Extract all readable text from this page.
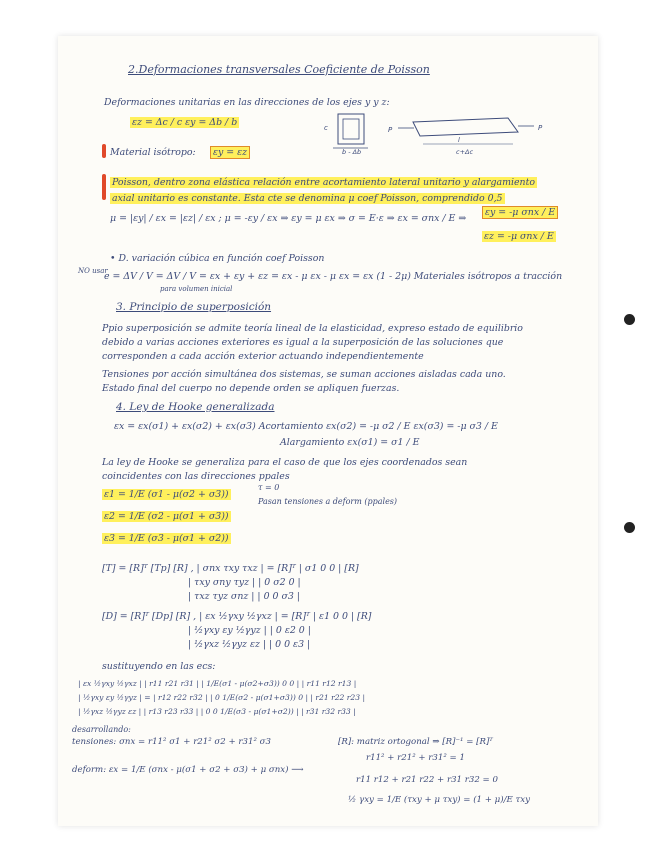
2.Deformaciones transversales Coeficiente de Poisson
Deformaciones unitarias en las direcciones de los ejes y y z:
εz = Δc / c εy = Δb / b	c
b - Δb
P	P
l
c+Δc
Material isótropo:	εy = εz
Poisson, dentro zona elástica relación entre acortamiento lateral unitario y alargamiento
axial unitario es constante. Esta cte se denomina μ coef Poisson, comprendido 0,5
μ = |εy| / εx = |εz| / εx ; μ = -εy / εx ⇒ εy = μ εx ⇒ σ = E·ε ⇒ εx = σnx / E ⇒
εy = -μ σnx / E
εz = -μ σnx / E
• D. variación cúbica en función coef Poisson
NO usar
e = ΔV / V = ΔV / V = εx + εy + εz = εx - μ εx - μ εx = εx (1 - 2μ) Materiales isótropos a tracción
para volumen inicial
3. Principio de superposición
Ppio superposición se admite teoría lineal de la elasticidad, expreso estado de equilibrio
debido a varias acciones exteriores es igual a la superposición de las soluciones que
corresponden a cada acción exterior actuando independientemente
Tensiones por acción simultánea dos sistemas, se suman acciones aisladas cada uno.
Estado final del cuerpo no depende orden se apliquen fuerzas.
4. Ley de Hooke generalizada
εx = εx(σ1) + εx(σ2) + εx(σ3) Acortamiento εx(σ2) = -μ σ2 / E εx(σ3) = -μ σ3 / E
Alargamiento εx(σ1) = σ1 / E
La ley de Hooke se generaliza para el caso de que los ejes coordenados sean
coincidentes con las direcciones ppales
ε1 = 1/E (σ1 - μ(σ2 + σ3))
τ = 0
Pasan tensiones a deform (ppales)
ε2 = 1/E (σ2 - μ(σ1 + σ3))
ε3 = 1/E (σ3 - μ(σ1 + σ2))
[T] = [R]ᵀ [Tp] [R] , | σnx τxy τxz | = [R]ᵀ | σ1 0 0 | [R]
| τxy σny τyz | | 0 σ2 0 |
| τxz τyz σnz | | 0 0 σ3 |
[D] = [R]ᵀ [Dp] [R] , | εx ½γxy ½γxz | = [R]ᵀ | ε1 0 0 | [R]
| ½γxy εy ½γyz | | 0 ε2 0 |
| ½γxz ½γyz εz | | 0 0 ε3 |
sustituyendo en las ecs:
| εx ½γxy ½γxz | | r11 r21 r31 | | 1/E(σ1 - μ(σ2+σ3)) 0 0 | | r11 r12 r13 |
| ½γxy εy ½γyz | = | r12 r22 r32 | | 0 1/E(σ2 - μ(σ1+σ3)) 0 | | r21 r22 r23 |
| ½γxz ½γyz εz | | r13 r23 r33 | | 0 0 1/E(σ3 - μ(σ1+σ2)) | | r31 r32 r33 |
desarrollando:
tensiones: σnx = r11² σ1 + r21² σ2 + r31² σ3	[R]: matriz ortogonal ⇒ [R]⁻¹ = [R]ᵀ
r11² + r21² + r31² = 1
deform: εx = 1/E (σnx - μ(σ1 + σ2 + σ3) + μ σnx) ⟶
r11 r12 + r21 r22 + r31 r32 = 0
½ γxy = 1/E (τxy + μ τxy) = (1 + μ)/E τxy
